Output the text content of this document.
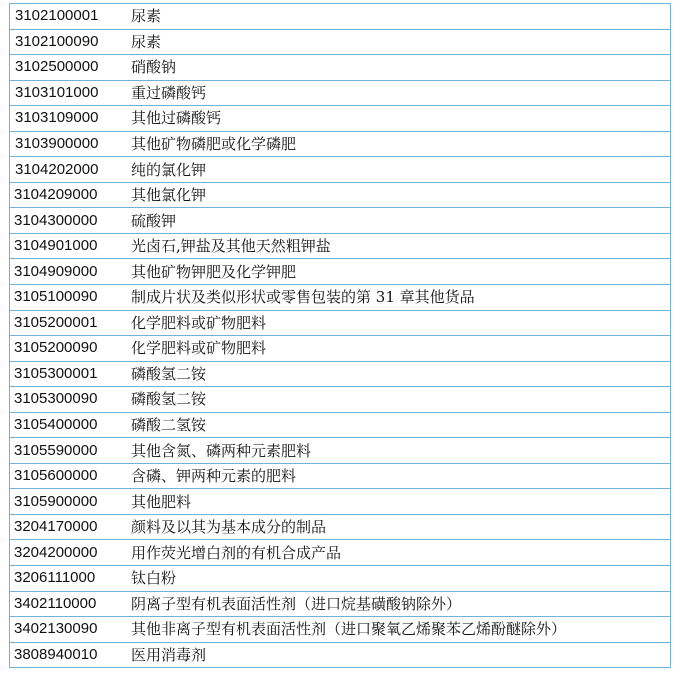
3102100001	尿素
3102100090	尿素
3102500000	硝酸钠
3103101000	重过磷酸钙
3103109000	其他过磷酸钙
3103900000	其他矿物磷肥或化学磷肥
3104202000	纯的氯化钾
3104209000	其他氯化钾
3104300000	硫酸钾
3104901000	光卤石,钾盐及其他天然粗钾盐
3104909000	其他矿物钾肥及化学钾肥
3105100090	制成片状及类似形状或零售包装的第 31 章其他货品
3105200001	化学肥料或矿物肥料
3105200090	化学肥料或矿物肥料
3105300001	磷酸氢二铵
3105300090	磷酸氢二铵
3105400000	磷酸二氢铵
3105590000	其他含氮、磷两种元素肥料
3105600000	含磷、钾两种元素的肥料
3105900000	其他肥料
3204170000	颜料及以其为基本成分的制品
3204200000	用作荧光增白剂的有机合成产品
3206111000	钛白粉
3402110000	阴离子型有机表面活性剂（进口烷基磺酸钠除外）
3402130090	其他非离子型有机表面活性剂（进口聚氧乙烯聚苯乙烯酚醚除外）
3808940010	医用消毒剂
